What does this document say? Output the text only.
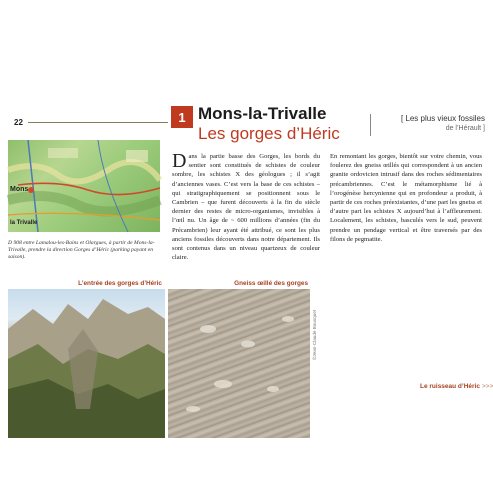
22	1 Mons-la-Trivalle
Les gorges d’Héric
[ Les plus vieux fossiles
de l’Hérault ]
Mons
la Trivalle
D 908 entre Lamalou-les-Bains et Olargues, à partir de Mons-la-Trivalle, prendre la direction Gorges d’Héric (parking payant en saison).
Dans la partie basse des Gorges, les bords du sentier sont constitués de schistes de couleur sombre, les schistes X des géologues ; il s’agit d’anciennes vases. C’est vers la base de ces schistes – qui stratigraphiquement se positionnent sous le Cambrien – que furent découverts à la fin du siècle dernier des restes de micro-organismes, invisibles à l’œil nu. Un âge de ~ 600 millions d’années (fin du Précambrien) leur ayant été attribué, ce sont les plus anciens fossiles découverts dans notre département. Ils sont contenus dans un niveau quartzeux de couleur claire.
En remontant les gorges, bientôt sur votre chemin, vous foulerez des gneiss œillés qui correspondent à un ancien granite ordovicien intrusif dans des roches sédimentaires précambriennes. C’est le métamorphisme lié à l’orogénèse hercynienne qui en profondeur a produit, à partir de ces roches préexistantes, d’une part les gneiss et d’autre part les schistes X aujourd’hui à l’affleurement. Localement, les schistes, basculés vers le sud, peuvent prendre un pendage vertical et être traversés par des filons de pegmatite.
L’entrée des gorges d’Héric	Gneiss œillé des gorges
©Jean-Claude Bousquet
Le ruisseau d’Héric >>>
